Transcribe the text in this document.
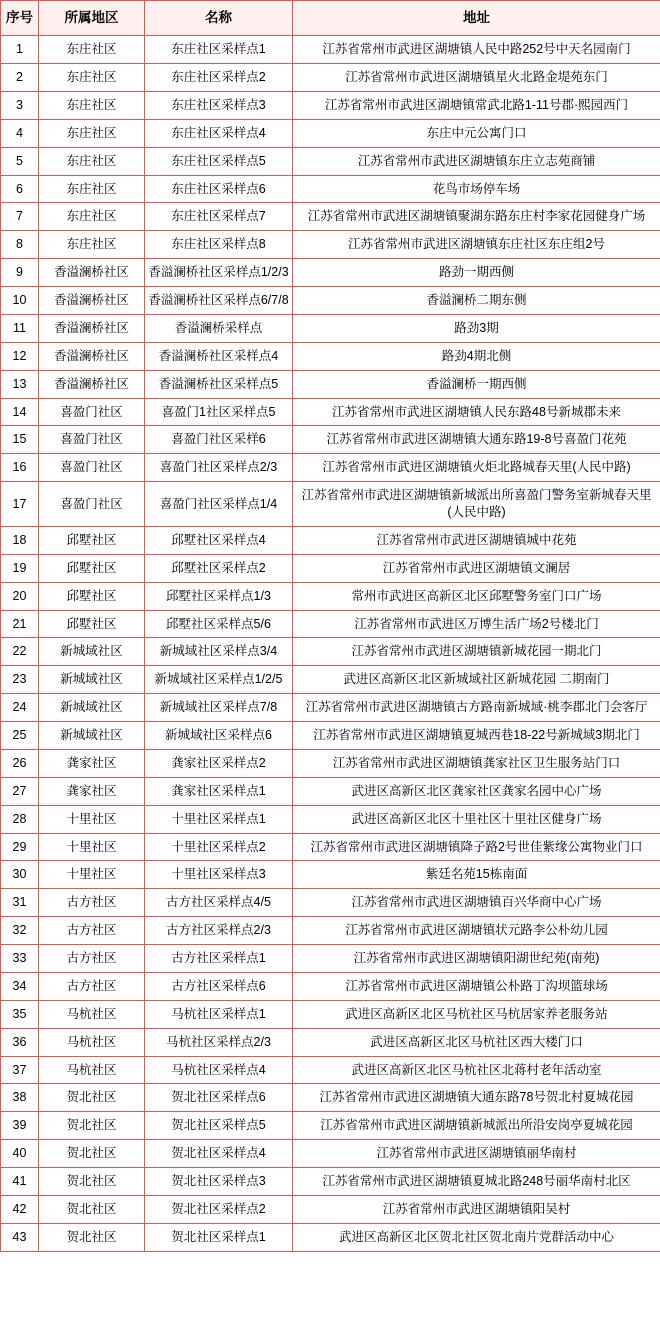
序号	所属地区	名称	地址
1	东庄社区	东庄社区采样点1	江苏省常州市武进区湖塘镇人民中路252号中天名园南门
2	东庄社区	东庄社区采样点2	江苏省常州市武进区湖塘镇星火北路金堤苑东门
3	东庄社区	东庄社区采样点3	江苏省常州市武进区湖塘镇常武北路1-11号郡·熙园西门
4	东庄社区	东庄社区采样点4	东庄中元公寓门口
5	东庄社区	东庄社区采样点5	江苏省常州市武进区湖塘镇东庄立志苑商铺
6	东庄社区	东庄社区采样点6	花鸟市场停车场
7	东庄社区	东庄社区采样点7	江苏省常州市武进区湖塘镇聚湖东路东庄村李家花园健身广场
8	东庄社区	东庄社区采样点8	江苏省常州市武进区湖塘镇东庄社区东庄组2号
9	香溢澜桥社区	香溢澜桥社区采样点1/2/3	路劲一期西侧
10	香溢澜桥社区	香溢澜桥社区采样点6/7/8	香溢澜桥二期东侧
11	香溢澜桥社区	香溢澜桥采样点	路劲3期
12	香溢澜桥社区	香溢澜桥社区采样点4	路劲4期北侧
13	香溢澜桥社区	香溢澜桥社区采样点5	香溢澜桥一期西侧
14	喜盈门社区	喜盈门1社区采样点5	江苏省常州市武进区湖塘镇人民东路48号新城郡未来
15	喜盈门社区	喜盈门社区采样6	江苏省常州市武进区湖塘镇大通东路19-8号喜盈门花苑
16	喜盈门社区	喜盈门社区采样点2/3	江苏省常州市武进区湖塘镇火炬北路城春天里(人民中路)
17	喜盈门社区	喜盈门社区采样点1/4	江苏省常州市武进区湖塘镇新城派出所喜盈门警务室新城春天里 (人民中路)
18	邱墅社区	邱墅社区采样点4	江苏省常州市武进区湖塘镇城中花苑
19	邱墅社区	邱墅社区采样点2	江苏省常州市武进区湖塘镇文澜居
20	邱墅社区	邱墅社区采样点1/3	常州市武进区高新区北区邱墅警务室门口广场
21	邱墅社区	邱墅社区采样点5/6	江苏省常州市武进区万博生活广场2号楼北门
22	新城域社区	新城域社区采样点3/4	江苏省常州市武进区湖塘镇新城花园一期北门
23	新城域社区	新城域社区采样点1/2/5	武进区高新区北区新城域社区新城花园 二期南门
24	新城域社区	新城域社区采样点7/8	江苏省常州市武进区湖塘镇古方路南新城域·桃李郡北门会客厅
25	新城域社区	新城域社区采样点6	江苏省常州市武进区湖塘镇夏城西巷18-22号新城域3期北门
26	龚家社区	龚家社区采样点2	江苏省常州市武进区湖塘镇龚家社区卫生服务站门口
27	龚家社区	龚家社区采样点1	武进区高新区北区龚家社区龚家名园中心广场
28	十里社区	十里社区采样点1	武进区高新区北区十里社区十里社区健身广场
29	十里社区	十里社区采样点2	江苏省常州市武进区湖塘镇降子路2号世佳紫缘公寓物业门口
30	十里社区	十里社区采样点3	紫廷名苑15栋南面
31	古方社区	古方社区采样点4/5	江苏省常州市武进区湖塘镇百兴华商中心广场
32	古方社区	古方社区采样点2/3	江苏省常州市武进区湖塘镇状元路李公朴幼儿园
33	古方社区	古方社区采样点1	江苏省常州市武进区湖塘镇阳湖世纪苑(南苑)
34	古方社区	古方社区采样点6	江苏省常州市武进区湖塘镇公朴路丁沟坝篮球场
35	马杭社区	马杭社区采样点1	武进区高新区北区马杭社区马杭居家养老服务站
36	马杭社区	马杭社区采样点2/3	武进区高新区北区马杭社区西大楼门口
37	马杭社区	马杭社区采样点4	武进区高新区北区马杭社区北蒋村老年活动室
38	贺北社区	贺北社区采样点6	江苏省常州市武进区湖塘镇大通东路78号贺北村夏城花园
39	贺北社区	贺北社区采样点5	江苏省常州市武进区湖塘镇新城派出所沿安岗亭夏城花园
40	贺北社区	贺北社区采样点4	江苏省常州市武进区湖塘镇丽华南村
41	贺北社区	贺北社区采样点3	江苏省常州市武进区湖塘镇夏城北路248号丽华南村北区
42	贺北社区	贺北社区采样点2	江苏省常州市武进区湖塘镇阳吴村
43	贺北社区	贺北社区采样点1	武进区高新区北区贺北社区贺北南片党群活动中心
